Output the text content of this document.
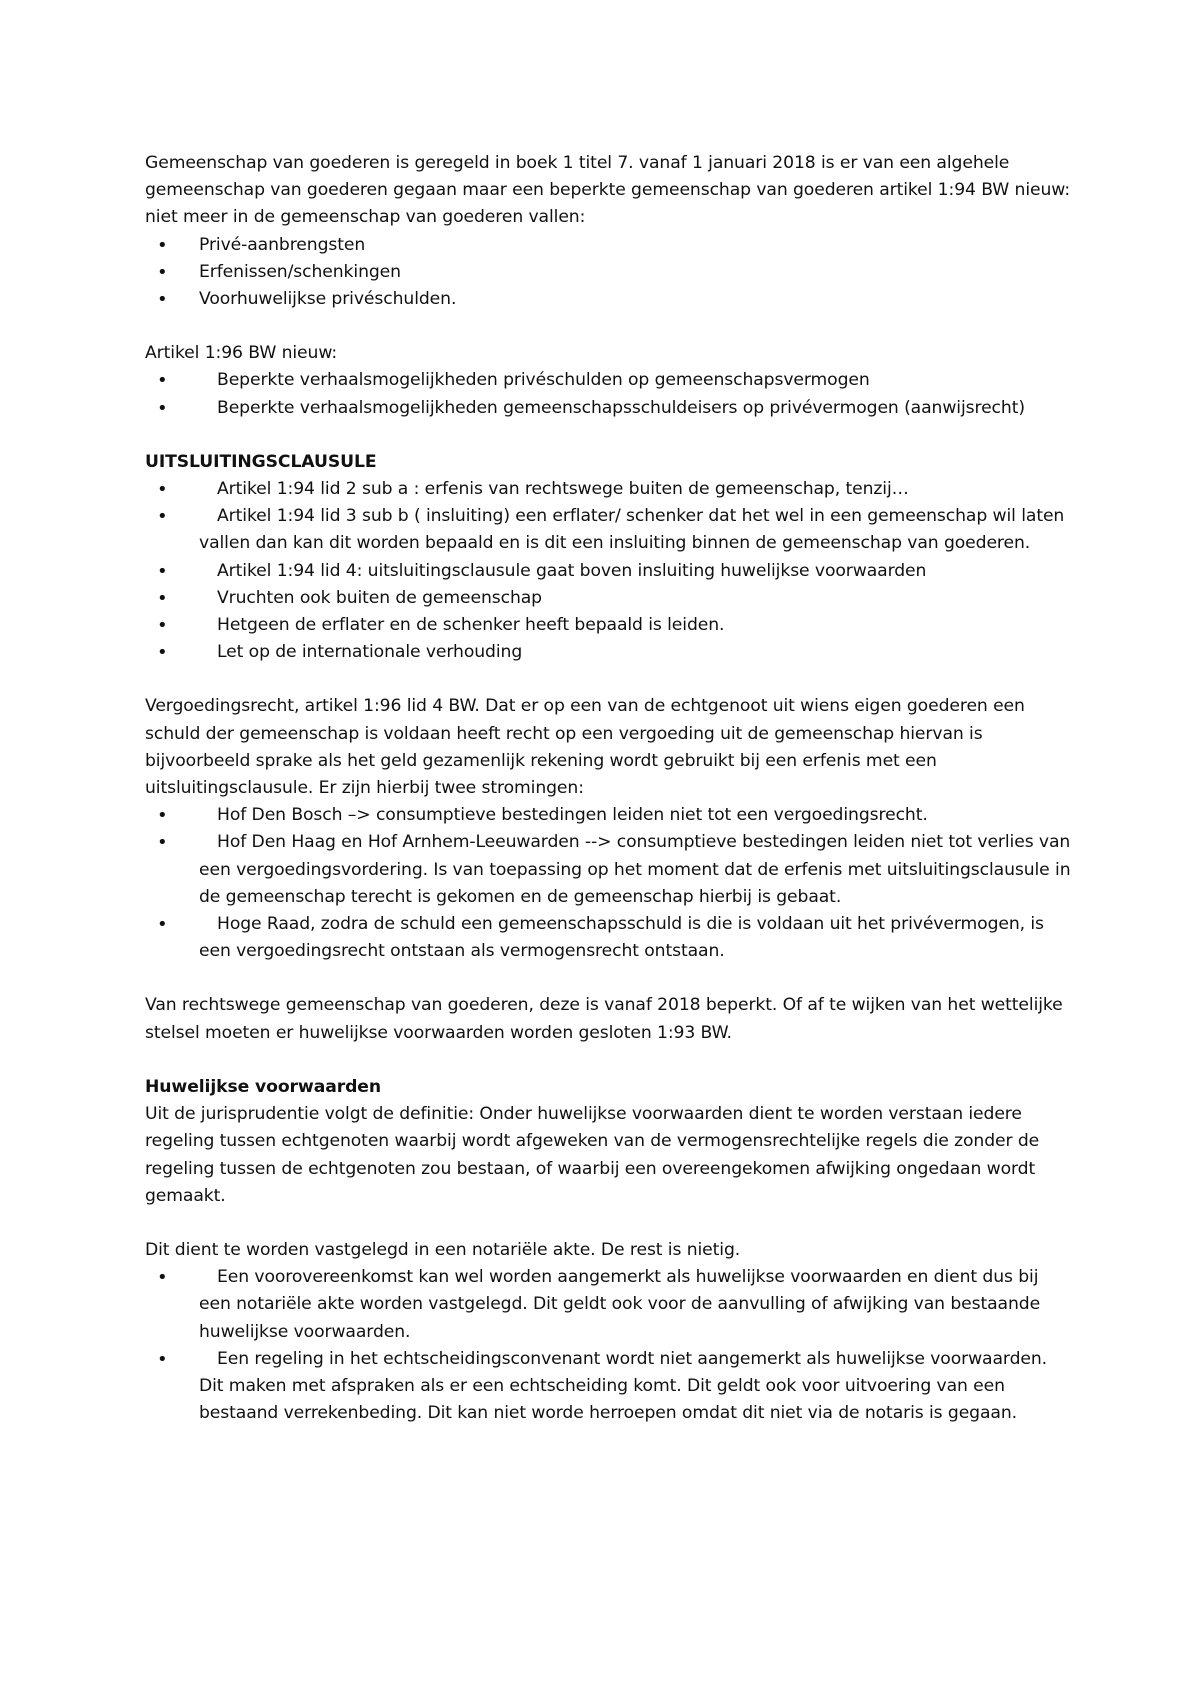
Gemeenschap van goederen is geregeld in boek 1 titel 7. vanaf 1 januari 2018 is er van een algehele gemeenschap van goederen gegaan maar een beperkte gemeenschap van goederen artikel 1:94 BW nieuw: niet meer in de gemeenschap van goederen vallen:

• Privé-aanbrengsten
• Erfenissen/schenkingen
• Voorhuwelijkse privéschulden.

Artikel 1:96 BW nieuw:

•	Beperkte verhaalsmogelijkheden privéschulden op gemeenschapsvermogen
•	Beperkte verhaalsmogelijkheden gemeenschapsschuldeisers op privévermogen (aanwijsrecht)

UITSLUITINGSCLAUSULE

•	Artikel 1:94 lid 2 sub a : erfenis van rechtswege buiten de gemeenschap, tenzij…
•	Artikel 1:94 lid 3 sub b ( insluiting) een erflater/ schenker dat het wel in een gemeenschap wil laten vallen dan kan dit worden bepaald en is dit een insluiting binnen de gemeenschap van goederen.
•	Artikel 1:94 lid 4: uitsluitingsclausule gaat boven insluiting huwelijkse voorwaarden
•	Vruchten ook buiten de gemeenschap
•	Hetgeen de erflater en de schenker heeft bepaald is leiden.
•	Let op de internationale verhouding

Vergoedingsrecht, artikel 1:96 lid 4 BW. Dat er op een van de echtgenoot uit wiens eigen goederen een schuld der gemeenschap is voldaan heeft recht op een vergoeding uit de gemeenschap hiervan is bijvoorbeeld sprake als het geld gezamenlijk rekening wordt gebruikt bij een erfenis met een uitsluitingsclausule. Er zijn hierbij twee stromingen:

•	Hof Den Bosch –> consumptieve bestedingen leiden niet tot een vergoedingsrecht.
•	Hof Den Haag en Hof Arnhem-Leeuwarden --> consumptieve bestedingen leiden niet tot verlies van een vergoedingsvordering. Is van toepassing op het moment dat de erfenis met uitsluitingsclausule in de gemeenschap terecht is gekomen en de gemeenschap hierbij is gebaat.
•	Hoge Raad, zodra de schuld een gemeenschapsschuld is die is voldaan uit het privévermogen, is een vergoedingsrecht ontstaan als vermogensrecht ontstaan.

Van rechtswege gemeenschap van goederen, deze is vanaf 2018 beperkt. Of af te wijken van het wettelijke stelsel moeten er huwelijkse voorwaarden worden gesloten 1:93 BW.

Huwelijkse voorwaarden

Uit de jurisprudentie volgt de definitie: Onder huwelijkse voorwaarden dient te worden verstaan iedere regeling tussen echtgenoten waarbij wordt afgeweken van de vermogensrechtelijke regels die zonder de regeling tussen de echtgenoten zou bestaan, of waarbij een overeengekomen afwijking ongedaan wordt gemaakt.

Dit dient te worden vastgelegd in een notariële akte. De rest is nietig.

•	Een voorovereenkomst kan wel worden aangemerkt als huwelijkse voorwaarden en dient dus bij een notariële akte worden vastgelegd. Dit geldt ook voor de aanvulling of afwijking van bestaande huwelijkse voorwaarden.
•	Een regeling in het echtscheidingsconvenant wordt niet aangemerkt als huwelijkse voorwaarden. Dit maken met afspraken als er een echtscheiding komt. Dit geldt ook voor uitvoering van een bestaand verrekenbeding. Dit kan niet worde herroepen omdat dit niet via de notaris is gegaan.
